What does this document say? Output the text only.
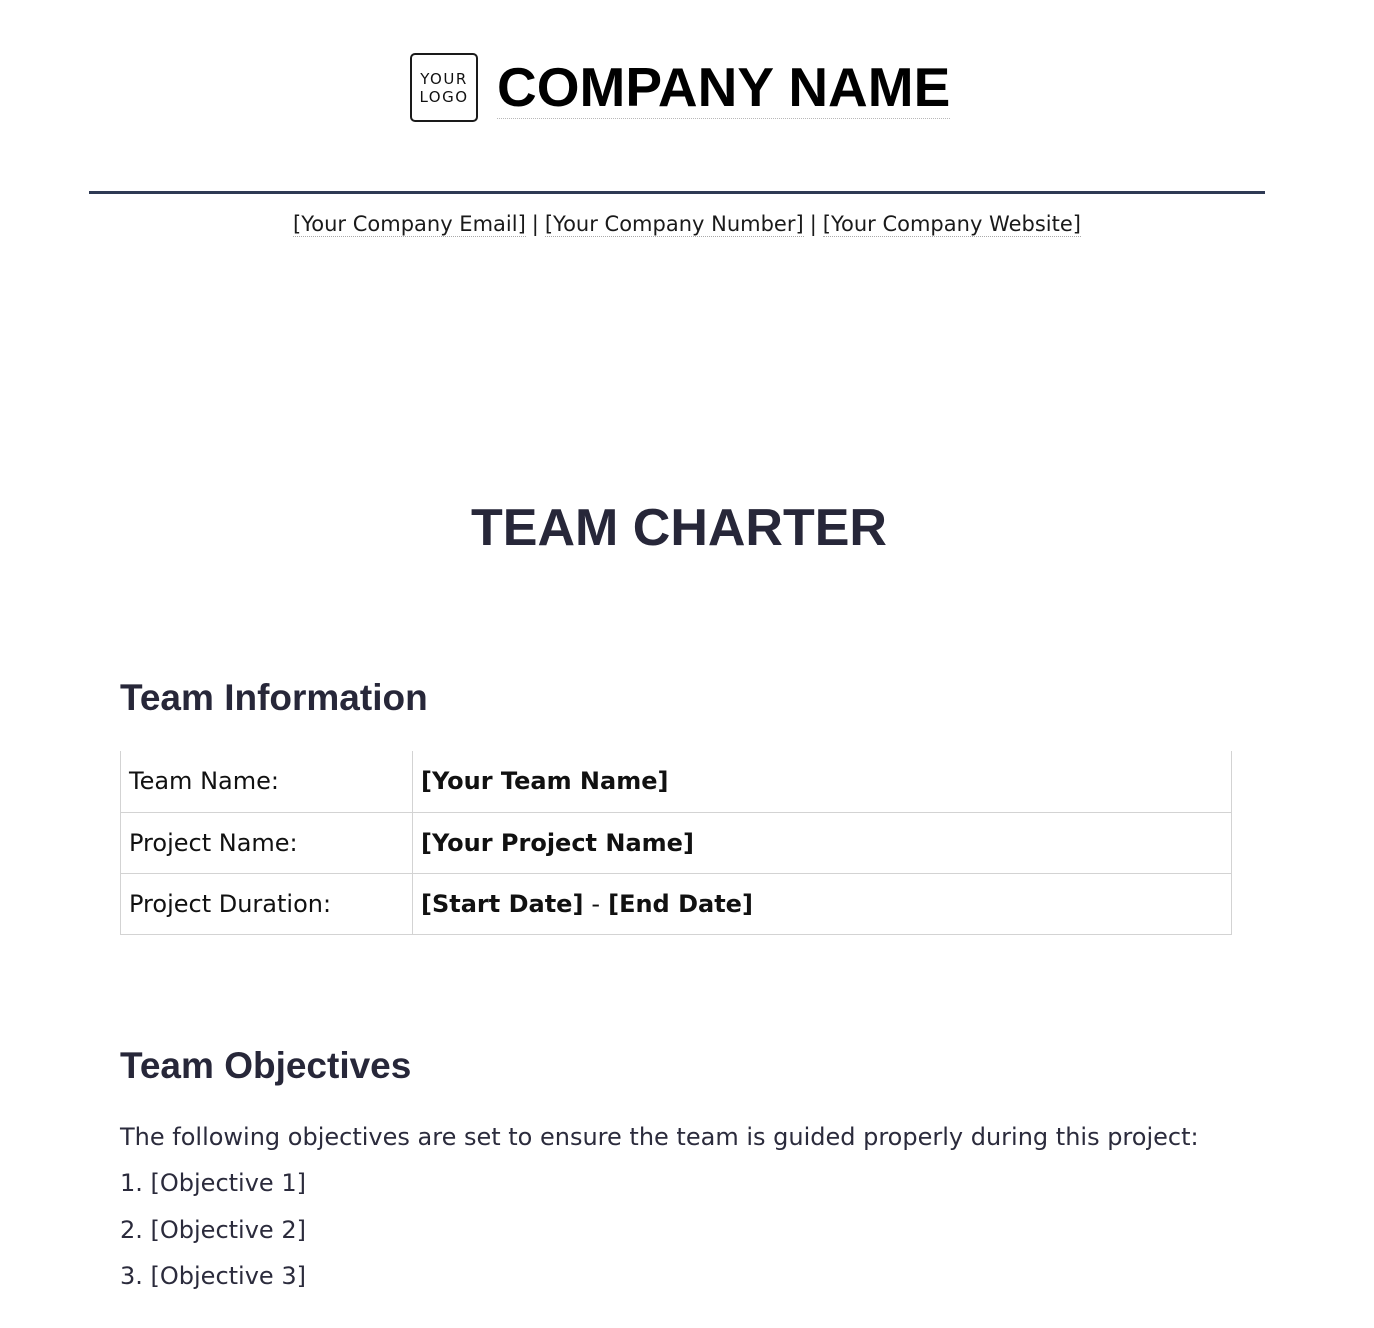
YOUR
LOGO COMPANY NAME
[Your Company Email] | [Your Company Number] | [Your Company Website]
TEAM CHARTER
Team Information
Team Name:	[Your Team Name]
Project Name:	[Your Project Name]
Project Duration:	[Start Date] - [End Date]
Team Objectives
The following objectives are set to ensure the team is guided properly during this project:
1. [Objective 1]
2. [Objective 2]
3. [Objective 3]
